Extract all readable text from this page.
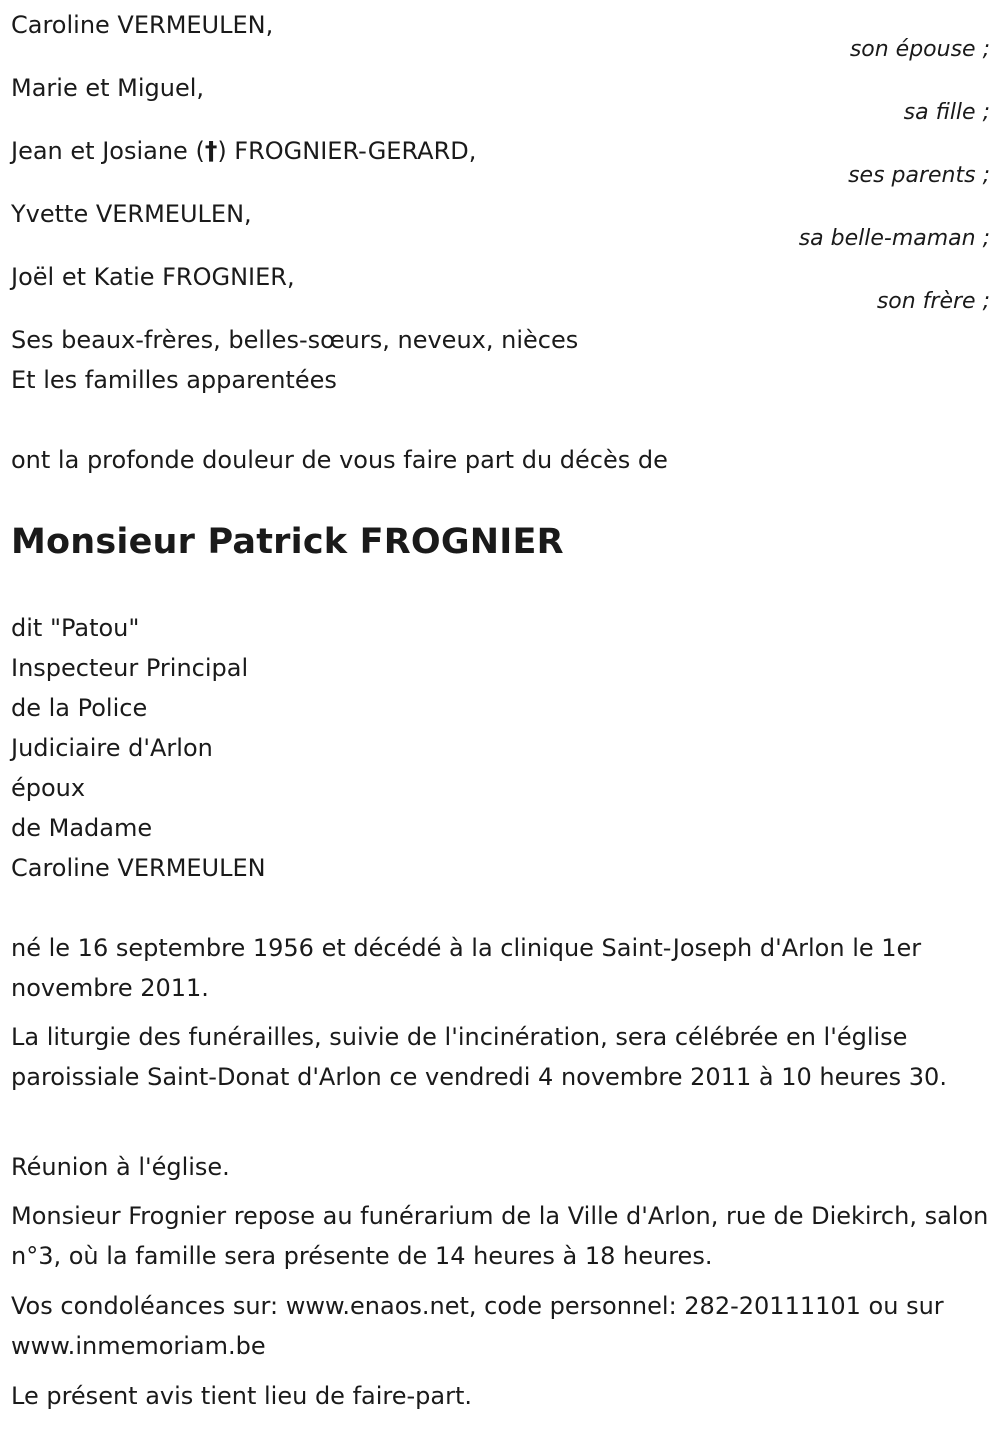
Caroline VERMEULEN,
son épouse ;
Marie et Miguel,
sa fille ;
Jean et Josiane (†) FROGNIER-GERARD,
ses parents ;
Yvette VERMEULEN,
sa belle-maman ;
Joël et Katie FROGNIER,
son frère ;
Ses beaux-frères, belles-sœurs, neveux, nièces
Et les familles apparentées
ont la profonde douleur de vous faire part du décès de
Monsieur Patrick FROGNIER
dit "Patou"
Inspecteur Principal
de la Police
Judiciaire d'Arlon
époux
de Madame
Caroline VERMEULEN
né le 16 septembre 1956 et décédé à la clinique Saint-Joseph d'Arlon le 1er novembre 2011.
La liturgie des funérailles, suivie de l'incinération, sera célébrée en l'église paroissiale Saint-Donat d'Arlon ce vendredi 4 novembre 2011 à 10 heures 30.
Réunion à l'église.
Monsieur Frognier repose au funérarium de la Ville d'Arlon, rue de Diekirch, salon n°3, où la famille sera présente de 14 heures à 18 heures.
Vos condoléances sur: www.enaos.net, code personnel: 282-20111101 ou sur www.inmemoriam.be
Le présent avis tient lieu de faire-part.
